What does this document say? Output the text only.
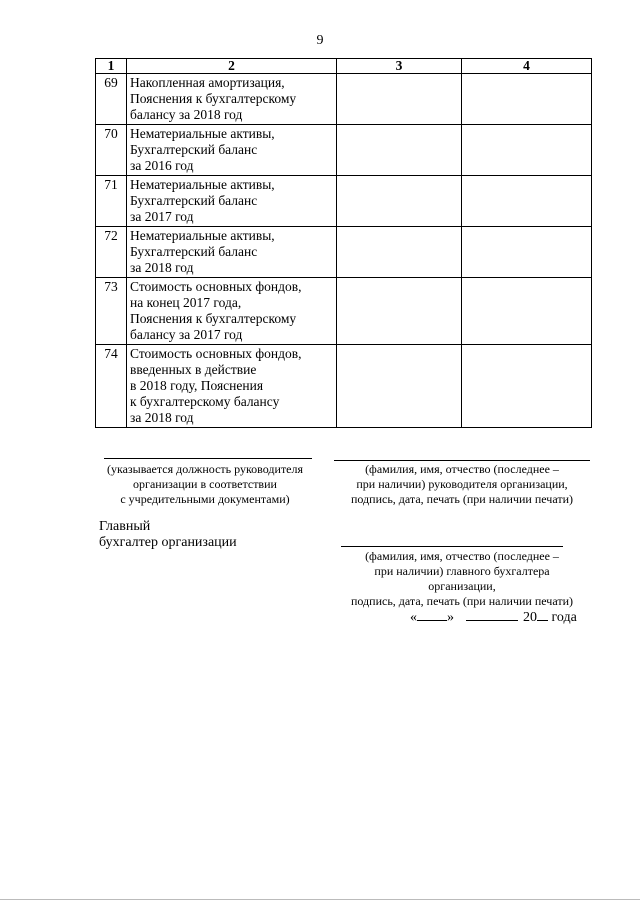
9
1	2	3	4
69	Накопленная амортизация,
Пояснения к бухгалтерскому
балансу за 2018 год		

70	Нематериальные активы,
Бухгалтерский баланс
за 2016 год		

71	Нематериальные активы,
Бухгалтерский баланс
за 2017 год		

72	Нематериальные активы,
Бухгалтерский баланс
за 2018 год		

73	Стоимость основных фондов,
на конец 2017 года,
Пояснения к бухгалтерскому
балансу за 2017 год		

74	Стоимость основных фондов,
введенных в действие
в 2018 году, Пояснения
к бухгалтерскому балансу
за 2018 год		

(указывается должность руководителя
организации в соответствии
с учредительными документами)
(фамилия, имя, отчество (последнее –
при наличии) руководителя организации,
подпись, дата, печать (при наличии печати)
Главный
бухгалтер организации
(фамилия, имя, отчество (последнее –
при наличии) главного бухгалтера
организации,
подпись, дата, печать (при наличии печати)
« »	20 года
